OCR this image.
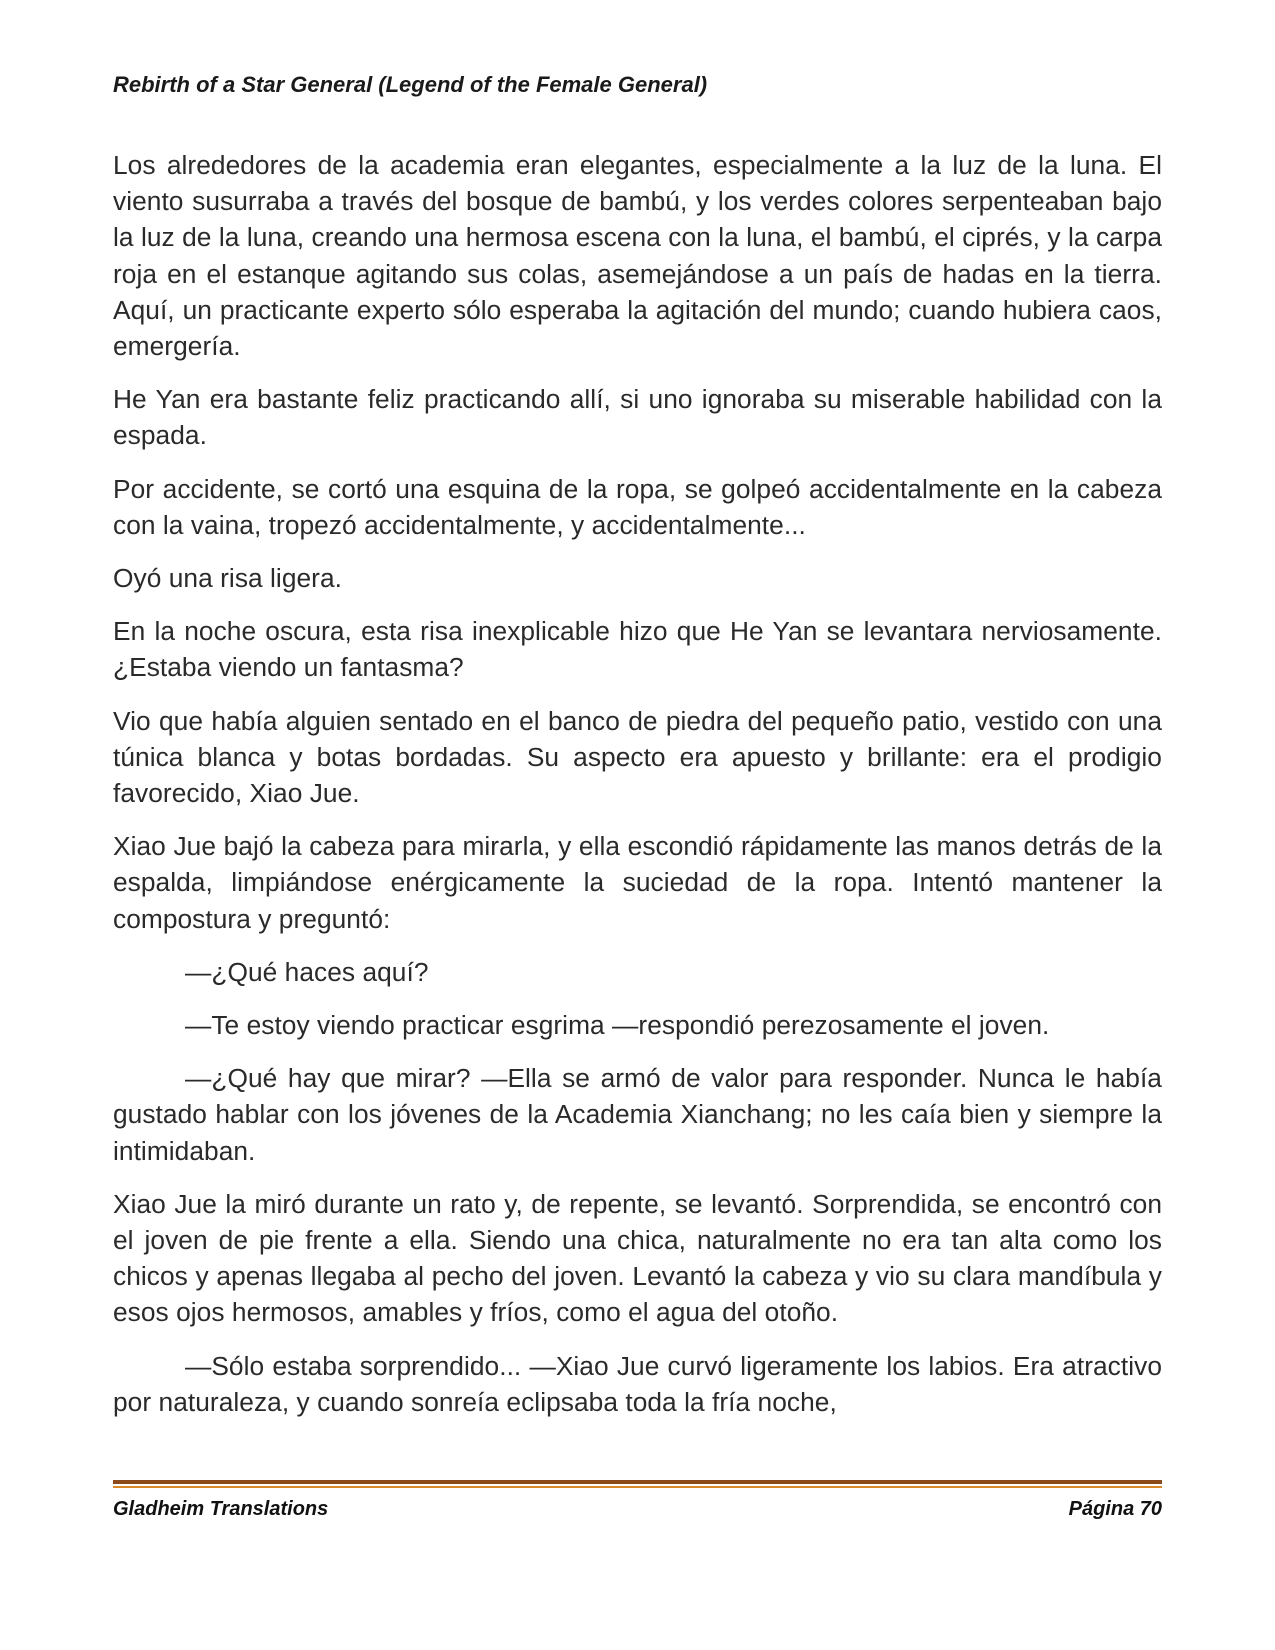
Rebirth of a Star General (Legend of the Female General)

Los alrededores de la academia eran elegantes, especialmente a la luz de la luna. El viento susurraba a través del bosque de bambú, y los verdes colores serpenteaban bajo la luz de la luna, creando una hermosa escena con la luna, el bambú, el ciprés, y la carpa roja en el estanque agitando sus colas, asemejándose a un país de hadas en la tierra. Aquí, un practicante experto sólo esperaba la agitación del mundo; cuando hubiera caos, emergería.

He Yan era bastante feliz practicando allí, si uno ignoraba su miserable habilidad con la espada.

Por accidente, se cortó una esquina de la ropa, se golpeó accidentalmente en la cabeza con la vaina, tropezó accidentalmente, y accidentalmente...

Oyó una risa ligera.

En la noche oscura, esta risa inexplicable hizo que He Yan se levantara nerviosamente. ¿Estaba viendo un fantasma?

Vio que había alguien sentado en el banco de piedra del pequeño patio, vestido con una túnica blanca y botas bordadas. Su aspecto era apuesto y brillante: era el prodigio favorecido, Xiao Jue.

Xiao Jue bajó la cabeza para mirarla, y ella escondió rápidamente las manos detrás de la espalda, limpiándose enérgicamente la suciedad de la ropa. Intentó mantener la compostura y preguntó:

—¿Qué haces aquí?

—Te estoy viendo practicar esgrima —respondió perezosamente el joven.

—¿Qué hay que mirar? —Ella se armó de valor para responder. Nunca le había gustado hablar con los jóvenes de la Academia Xianchang; no les caía bien y siempre la intimidaban.

Xiao Jue la miró durante un rato y, de repente, se levantó. Sorprendida, se encontró con el joven de pie frente a ella. Siendo una chica, naturalmente no era tan alta como los chicos y apenas llegaba al pecho del joven. Levantó la cabeza y vio su clara mandíbula y esos ojos hermosos, amables y fríos, como el agua del otoño.

—Sólo estaba sorprendido... —Xiao Jue curvó ligeramente los labios. Era atractivo por naturaleza, y cuando sonreía eclipsaba toda la fría noche,

Gladheim Translations	Página 70
